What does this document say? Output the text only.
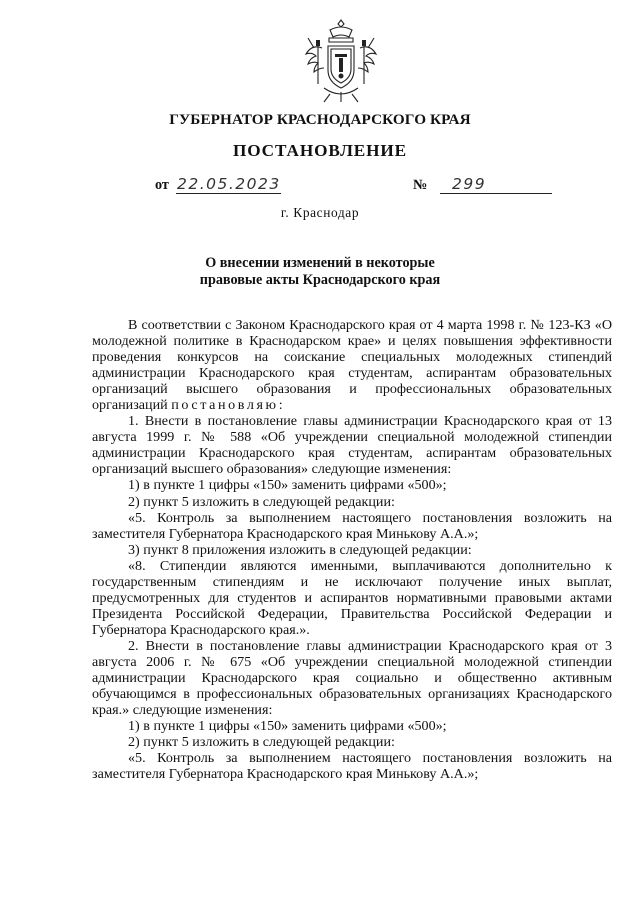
ГУБЕРНАТОР КРАСНОДАРСКОГО КРАЯ
ПОСТАНОВЛЕНИЕ
от 22.05.2023	№ 299
г. Краснодар
О внесении изменений в некоторые
правовые акты Краснодарского края

В соответствии с Законом Краснодарского края от 4 марта 1998 г. № 123-КЗ «О молодежной политике в Краснодарском крае» и целях повышения эффективности проведения конкурсов на соискание специальных молодежных стипендий администрации Краснодарского края студентам, аспирантам образовательных организаций высшего образования и профессиональных образовательных организаций постановляю:

1. Внести в постановление главы администрации Краснодарского края от 13 августа 1999 г. № 588 «Об учреждении специальной молодежной стипендии администрации Краснодарского края студентам, аспирантам образовательных организаций высшего образования» следующие изменения:

1) в пункте 1 цифры «150» заменить цифрами «500»;

2) пункт 5 изложить в следующей редакции:

«5. Контроль за выполнением настоящего постановления возложить на заместителя Губернатора Краснодарского края Минькову А.А.»;

3) пункт 8 приложения изложить в следующей редакции:

«8. Стипендии являются именными, выплачиваются дополнительно к государственным стипендиям и не исключают получение иных выплат, предусмотренных для студентов и аспирантов нормативными правовыми актами Президента Российской Федерации, Правительства Российской Федерации и Губернатора Краснодарского края.».

2. Внести в постановление главы администрации Краснодарского края от 3 августа 2006 г. № 675 «Об учреждении специальной молодежной стипендии администрации Краснодарского края социально и общественно активным обучающимся в профессиональных образовательных организациях Краснодарского края.» следующие изменения:

1) в пункте 1 цифры «150» заменить цифрами «500»;

2) пункт 5 изложить в следующей редакции:

«5. Контроль за выполнением настоящего постановления возложить на заместителя Губернатора Краснодарского края Минькову А.А.»;
